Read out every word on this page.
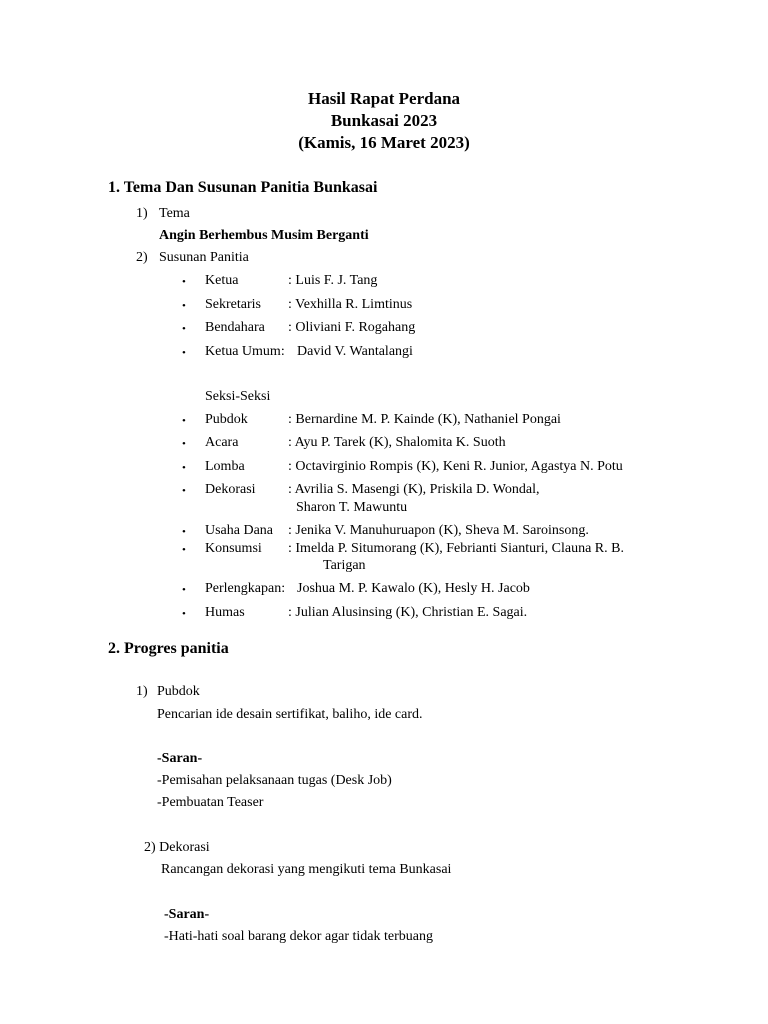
Hasil Rapat Perdana
Bunkasai 2023
(Kamis, 16 Maret 2023)
1. Tema Dan Susunan Panitia Bunkasai
1) Tema
Angin Berhembus Musim Berganti
2) Susunan Panitia
• Ketua	: Luis F. J. Tang
• Sekretaris : Vexhilla R. Limtinus
• Bendahara : Oliviani F. Rogahang
• Ketua Umum: David V. Wantalangi
Seksi-Seksi
• Pubdok	: Bernardine M. P. Kainde (K), Nathaniel Pongai
• Acara	: Ayu P. Tarek (K), Shalomita K. Suoth
• Lomba	: Octavirginio Rompis (K), Keni R. Junior, Agastya N. Potu
• Dekorasi : Avrilia S. Masengi (K), Priskila D. Wondal,
Sharon T. Mawuntu
• Usaha Dana : Jenika V. Manuhuruapon (K), Sheva M. Saroinsong.
• Konsumsi : Imelda P. Situmorang (K), Febrianti Sianturi, Clauna R. B.
Tarigan
• Perlengkapan: Joshua M. P. Kawalo (K), Hesly H. Jacob
• Humas	: Julian Alusinsing (K), Christian E. Sagai.
2. Progres panitia
1) Pubdok
Pencarian ide desain sertifikat, baliho, ide card.
-Saran-
-Pemisahan pelaksanaan tugas (Desk Job)
-Pembuatan Teaser
2) Dekorasi
Rancangan dekorasi yang mengikuti tema Bunkasai
-Saran-
-Hati-hati soal barang dekor agar tidak terbuang
